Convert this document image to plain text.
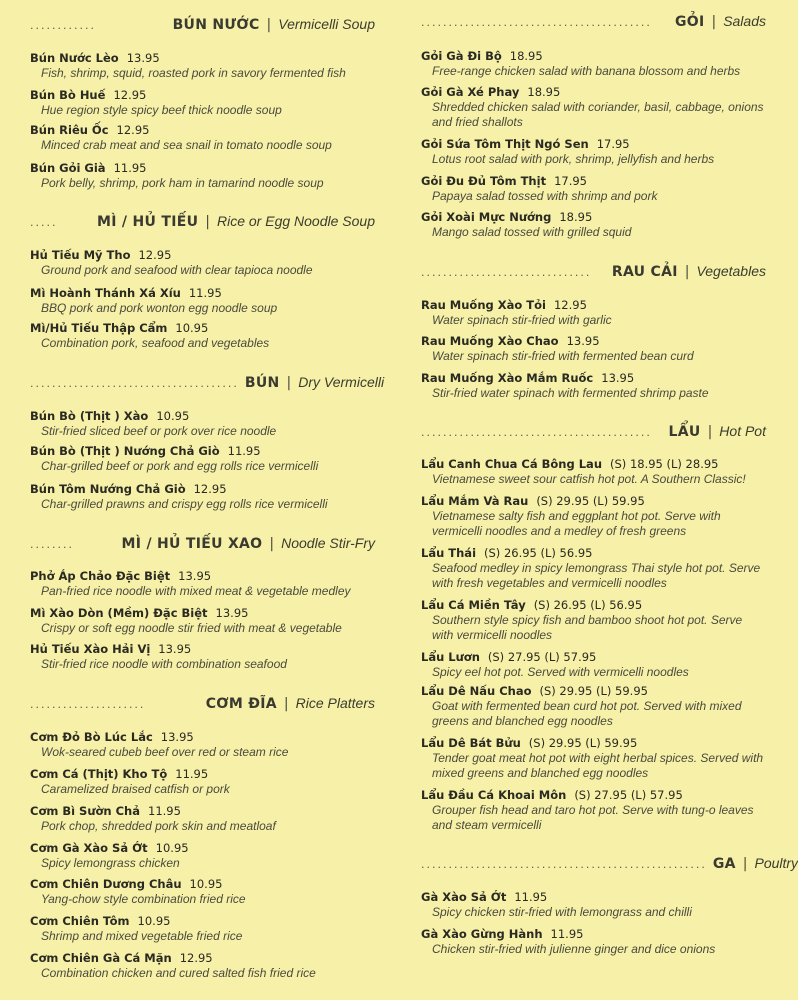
............	BÚN NƯỚC | Vermicelli Soup
Bún Nước Lèo 13.95
Fish, shrimp, squid, roasted pork in savory fermented fish
Bún Bò Huế 12.95
Hue region style spicy beef thick noodle soup
Bún Riêu Ốc 12.95
Minced crab meat and sea snail in tomato noodle soup
Bún Gỏi Già 11.95
Pork belly, shrimp, pork ham in tamarind noodle soup
.....	MÌ / HỦ TIẾU | Rice or Egg Noodle Soup
Hủ Tiếu Mỹ Tho 12.95
Ground pork and seafood with clear tapioca noodle
Mì Hoành Thánh Xá Xíu 11.95
BBQ pork and pork wonton egg noodle soup
Mì/Hủ Tiếu Thập Cẩm 10.95
Combination pork, seafood and vegetables
...................................... BÚN | Dry Vermicelli
Bún Bò (Thịt ) Xào 10.95
Stir-fried sliced beef or pork over rice noodle
Bún Bò (Thịt ) Nướng Chả Giò 11.95
Char-grilled beef or pork and egg rolls rice vermicelli
Bún Tôm Nướng Chả Giò 12.95
Char-grilled prawns and crispy egg rolls rice vermicelli
........	MÌ / HỦ TIẾU XAO | Noodle Stir-Fry
Phở Áp Chảo Đặc Biệt 13.95
Pan-fried rice noodle with mixed meat & vegetable medley
Mì Xào Dòn (Mềm) Đặc Biệt 13.95
Crispy or soft egg noodle stir fried with meat & vegetable
Hủ Tiếu Xào Hải Vị 13.95
Stir-fried rice noodle with combination seafood
.....................	CƠM ĐĨA | Rice Platters
Cơm Đỏ Bò Lúc Lắc 13.95
Wok-seared cubeb beef over red or steam rice
Cơm Cá (Thịt) Kho Tộ 11.95
Caramelized braised catfish or pork
Cơm Bì Sườn Chả 11.95
Pork chop, shredded pork skin and meatloaf
Cơm Gà Xào Sả Ớt 10.95
Spicy lemongrass chicken
Cơm Chiên Dương Châu 10.95
Yang-chow style combination fried rice
Cơm Chiên Tôm 10.95
Shrimp and mixed vegetable fried rice
Cơm Chiên Gà Cá Mặn 12.95
Combination chicken and cured salted fish fried rice
..........................................	GỎI | Salads
Gỏi Gà Đi Bộ 18.95
Free-range chicken salad with banana blossom and herbs
Gỏi Gà Xé Phay 18.95
Shredded chicken salad with coriander, basil, cabbage, onions and fried shallots
Gỏi Sứa Tôm Thịt Ngó Sen 17.95
Lotus root salad with pork, shrimp, jellyfish and herbs
Gỏi Đu Đủ Tôm Thịt 17.95
Papaya salad tossed with shrimp and pork
Gỏi Xoài Mực Nướng 18.95
Mango salad tossed with grilled squid
...............................	RAU CẢI | Vegetables
Rau Muống Xào Tỏi 12.95
Water spinach stir-fried with garlic
Rau Muống Xào Chao 13.95
Water spinach stir-fried with fermented bean curd
Rau Muống Xào Mắm Ruốc 13.95
Stir-fried water spinach with fermented shrimp paste
..........................................	LẨU | Hot Pot
Lẩu Canh Chua Cá Bông Lau (S) 18.95 (L) 28.95
Vietnamese sweet sour catfish hot pot. A Southern Classic!
Lẩu Mắm Và Rau (S) 29.95 (L) 59.95
Vietnamese salty fish and eggplant hot pot. Serve with vermicelli noodles and a medley of fresh greens
Lẩu Thái (S) 26.95 (L) 56.95
Seafood medley in spicy lemongrass Thai style hot pot. Serve with fresh vegetables and vermicelli noodles
Lẩu Cá Miền Tây (S) 26.95 (L) 56.95
Southern style spicy fish and bamboo shoot hot pot. Serve with vermicelli noodles
Lẩu Lươn (S) 27.95 (L) 57.95
Spicy eel hot pot. Served with vermicelli noodles
Lẩu Dê Nấu Chao (S) 29.95 (L) 59.95
Goat with fermented bean curd hot pot. Served with mixed greens and blanched egg noodles
Lẩu Dê Bát Bửu (S) 29.95 (L) 59.95
Tender goat meat hot pot with eight herbal spices. Served with mixed greens and blanched egg noodles
Lẩu Đầu Cá Khoai Môn (S) 27.95 (L) 57.95
Grouper fish head and taro hot pot. Serve with tung-o leaves and steam vermicelli
.................................................... GA | Poultry
Gà Xào Sả Ớt 11.95
Spicy chicken stir-fried with lemongrass and chilli
Gà Xào Gừng Hành 11.95
Chicken stir-fried with julienne ginger and dice onions
